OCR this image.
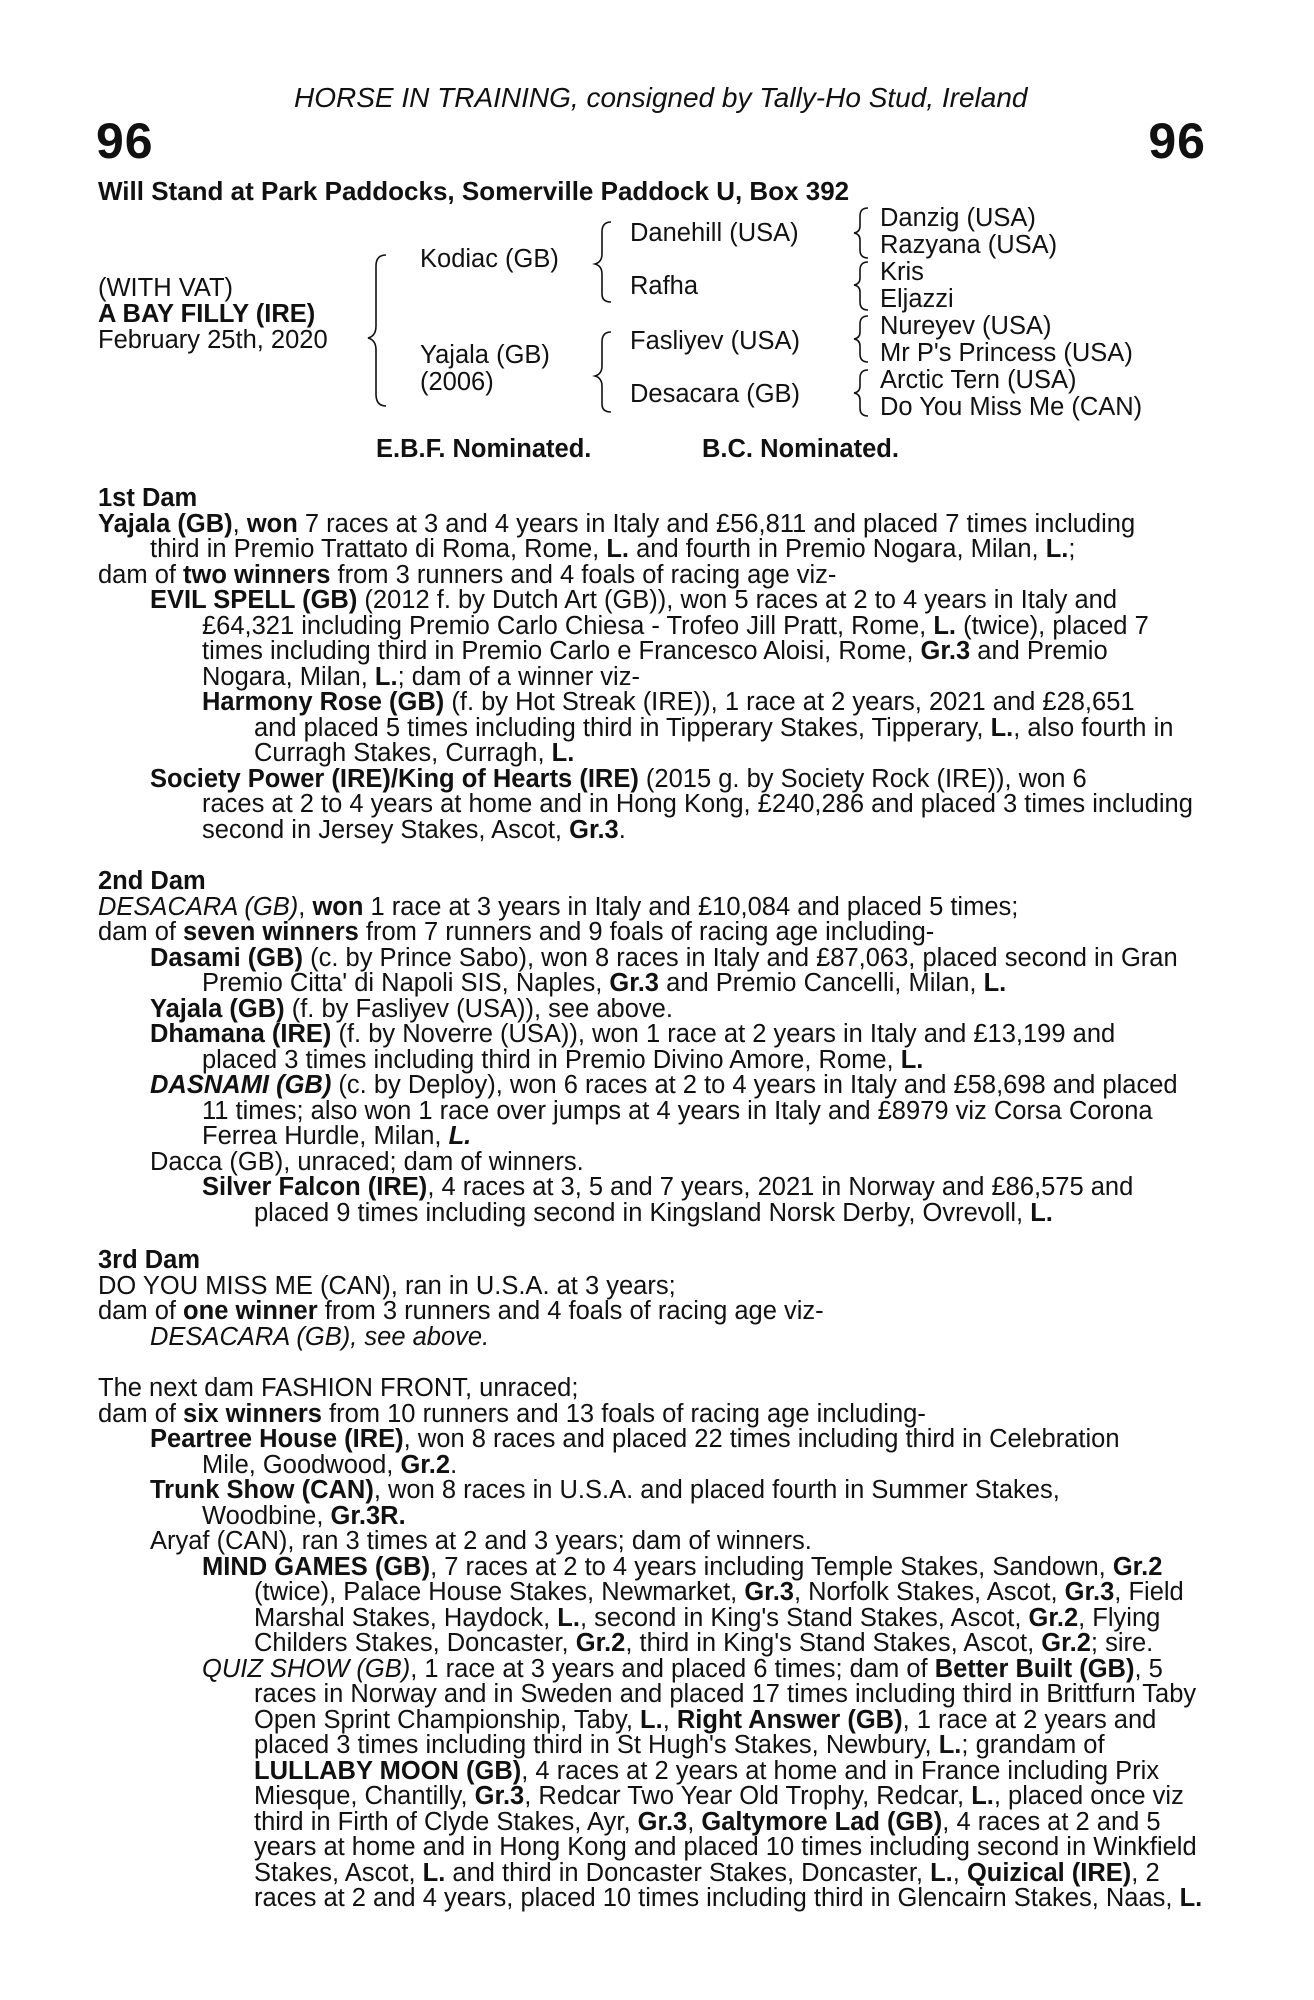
HORSE IN TRAINING, consigned by Tally-Ho Stud, Ireland
96	96
Will Stand at Park Paddocks, Somerville Paddock U, Box 392
(WITH VAT)
A BAY FILLY (IRE)
February 25th, 2020
Kodiac (GB)
Yajala (GB)
(2006)
Danehill (USA)
Rafha
Fasliyev (USA)
Desacara (GB)
Danzig (USA)
Razyana (USA)
Kris
Eljazzi
Nureyev (USA)
Mr P's Princess (USA)
Arctic Tern (USA)
Do You Miss Me (CAN)
E.B.F. Nominated.	B.C. Nominated.

1st Dam

Yajala (GB), won 7 races at 3 and 4 years in Italy and £56,811 and placed 7 times including

third in Premio Trattato di Roma, Rome, L. and fourth in Premio Nogara, Milan, L.;

dam of two winners from 3 runners and 4 foals of racing age viz-

EVIL SPELL (GB) (2012 f. by Dutch Art (GB)), won 5 races at 2 to 4 years in Italy and

£64,321 including Premio Carlo Chiesa - Trofeo Jill Pratt, Rome, L. (twice), placed 7

times including third in Premio Carlo e Francesco Aloisi, Rome, Gr.3 and Premio

Nogara, Milan, L.; dam of a winner viz-

Harmony Rose (GB) (f. by Hot Streak (IRE)), 1 race at 2 years, 2021 and £28,651

and placed 5 times including third in Tipperary Stakes, Tipperary, L., also fourth in

Curragh Stakes, Curragh, L.

Society Power (IRE)/King of Hearts (IRE) (2015 g. by Society Rock (IRE)), won 6

races at 2 to 4 years at home and in Hong Kong, £240,286 and placed 3 times including

second in Jersey Stakes, Ascot, Gr.3.

2nd Dam

DESACARA (GB), won 1 race at 3 years in Italy and £10,084 and placed 5 times;

dam of seven winners from 7 runners and 9 foals of racing age including-

Dasami (GB) (c. by Prince Sabo), won 8 races in Italy and £87,063, placed second in Gran

Premio Citta' di Napoli SIS, Naples, Gr.3 and Premio Cancelli, Milan, L.

Yajala (GB) (f. by Fasliyev (USA)), see above.

Dhamana (IRE) (f. by Noverre (USA)), won 1 race at 2 years in Italy and £13,199 and

placed 3 times including third in Premio Divino Amore, Rome, L.

DASNAMI (GB) (c. by Deploy), won 6 races at 2 to 4 years in Italy and £58,698 and placed

11 times; also won 1 race over jumps at 4 years in Italy and £8979 viz Corsa Corona

Ferrea Hurdle, Milan, L.

Dacca (GB), unraced; dam of winners.

Silver Falcon (IRE), 4 races at 3, 5 and 7 years, 2021 in Norway and £86,575 and

placed 9 times including second in Kingsland Norsk Derby, Ovrevoll, L.

3rd Dam

DO YOU MISS ME (CAN), ran in U.S.A. at 3 years;

dam of one winner from 3 runners and 4 foals of racing age viz-

DESACARA (GB), see above.

The next dam FASHION FRONT, unraced;

dam of six winners from 10 runners and 13 foals of racing age including-

Peartree House (IRE), won 8 races and placed 22 times including third in Celebration

Mile, Goodwood, Gr.2.

Trunk Show (CAN), won 8 races in U.S.A. and placed fourth in Summer Stakes,

Woodbine, Gr.3R.

Aryaf (CAN), ran 3 times at 2 and 3 years; dam of winners.

MIND GAMES (GB), 7 races at 2 to 4 years including Temple Stakes, Sandown, Gr.2

(twice), Palace House Stakes, Newmarket, Gr.3, Norfolk Stakes, Ascot, Gr.3, Field

Marshal Stakes, Haydock, L., second in King's Stand Stakes, Ascot, Gr.2, Flying

Childers Stakes, Doncaster, Gr.2, third in King's Stand Stakes, Ascot, Gr.2; sire.

QUIZ SHOW (GB), 1 race at 3 years and placed 6 times; dam of Better Built (GB), 5

races in Norway and in Sweden and placed 17 times including third in Brittfurn Taby

Open Sprint Championship, Taby, L., Right Answer (GB), 1 race at 2 years and

placed 3 times including third in St Hugh's Stakes, Newbury, L.; grandam of

LULLABY MOON (GB), 4 races at 2 years at home and in France including Prix

Miesque, Chantilly, Gr.3, Redcar Two Year Old Trophy, Redcar, L., placed once viz

third in Firth of Clyde Stakes, Ayr, Gr.3, Galtymore Lad (GB), 4 races at 2 and 5

years at home and in Hong Kong and placed 10 times including second in Winkfield

Stakes, Ascot, L. and third in Doncaster Stakes, Doncaster, L., Quizical (IRE), 2

races at 2 and 4 years, placed 10 times including third in Glencairn Stakes, Naas, L.
